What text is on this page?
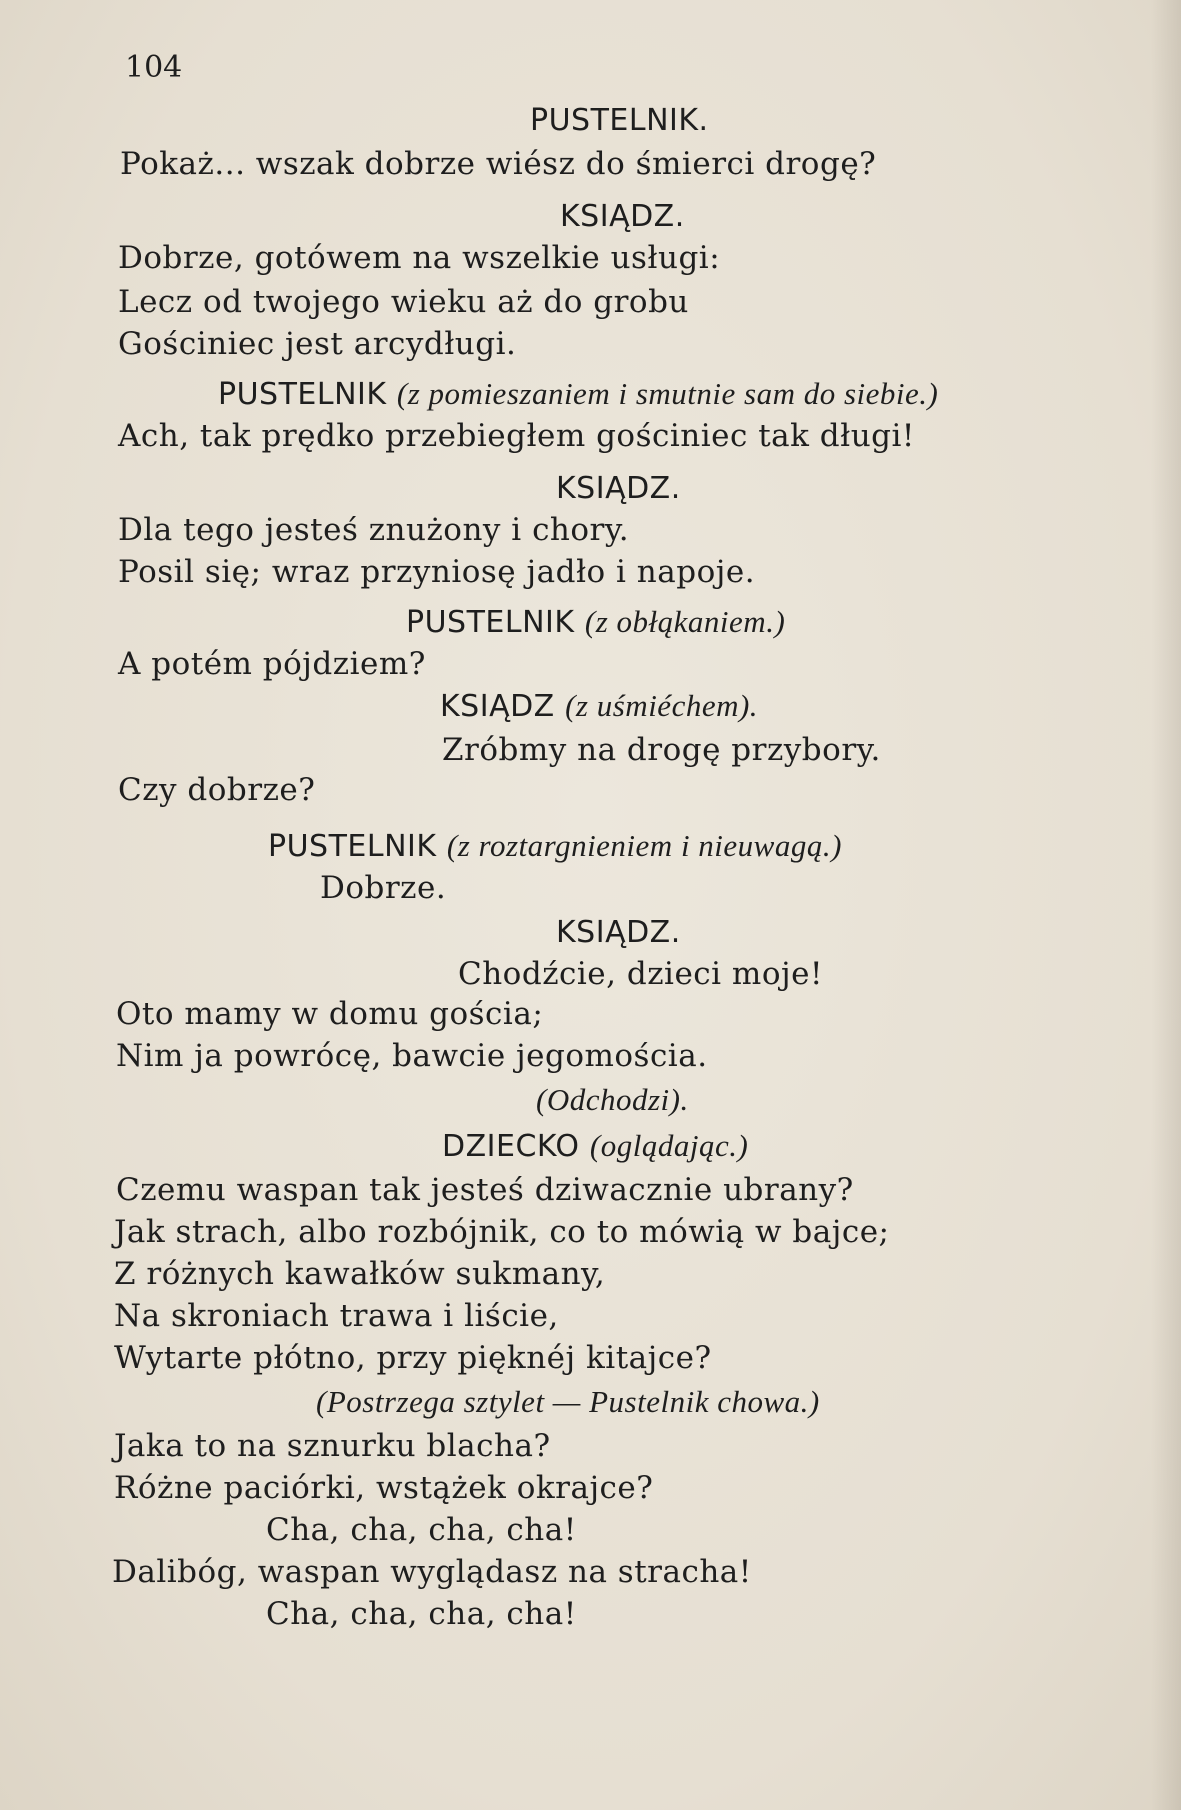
104
PUSTELNIK.
Pokaż... wszak dobrze wiész do śmierci drogę?
KSIĄDZ.
Dobrze, gotówem na wszelkie usługi:
Lecz od twojego wieku aż do grobu
Gościniec jest arcydługi.
PUSTELNIK (z pomieszaniem i smutnie sam do siebie.)
Ach, tak prędko przebiegłem gościniec tak długi!
KSIĄDZ.
Dla tego jesteś znużony i chory.
Posil się; wraz przyniosę jadło i napoje.
PUSTELNIK (z obłąkaniem.)
A potém pójdziem?
KSIĄDZ (z uśmiéchem).
Zróbmy na drogę przybory.
Czy dobrze?
PUSTELNIK (z roztargnieniem i nieuwagą.)
Dobrze.
KSIĄDZ.
Chodźcie, dzieci moje!
Oto mamy w domu gościa;
Nim ja powrócę, bawcie jegomościa.
(Odchodzi).
DZIECKO (oglądając.)
Czemu waspan tak jesteś dziwacznie ubrany?
Jak strach, albo rozbójnik, co to mówią w bajce;
Z różnych kawałków sukmany,
Na skroniach trawa i liście,
Wytarte płótno, przy pięknéj kitajce?
(Postrzega sztylet — Pustelnik chowa.)
Jaka to na sznurku blacha?
Różne paciórki, wstążek okrajce?
Cha, cha, cha, cha!
Dalibóg, waspan wyglądasz na stracha!
Cha, cha, cha, cha!
